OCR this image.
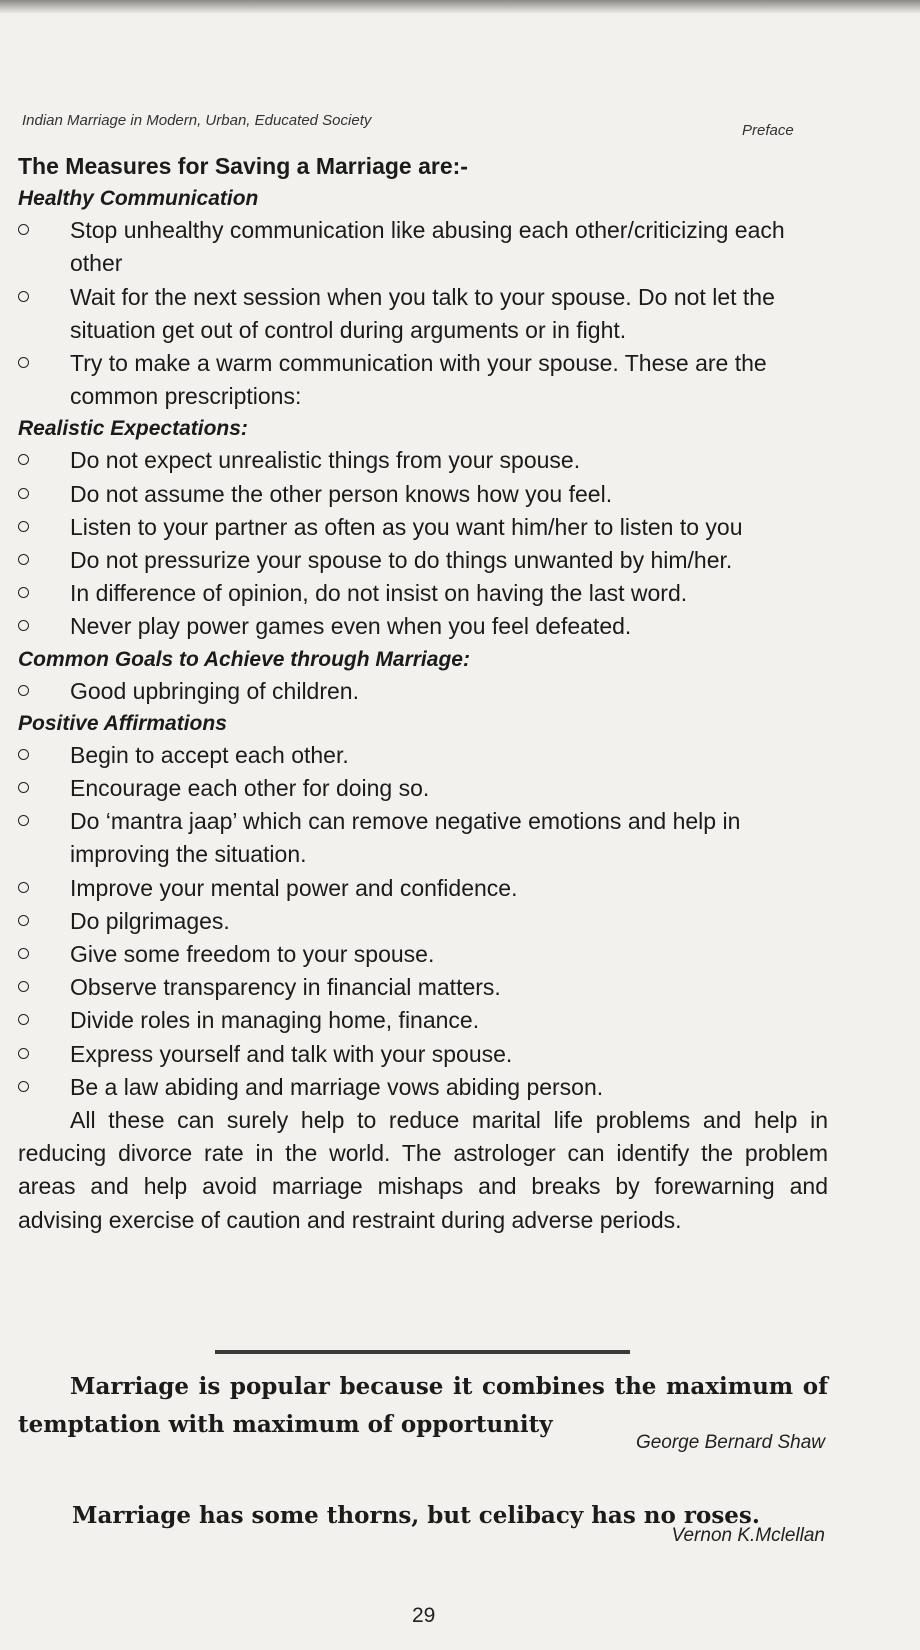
Indian Marriage in Modern, Urban, Educated Society
Preface

The Measures for Saving a Marriage are:-

Healthy Communication

Stop unhealthy communication like abusing each other/criticizing each other
Wait for the next session when you talk to your spouse. Do not let the situation get out of control during arguments or in fight.
Try to make a warm communication with your spouse. These are the common prescriptions:

Realistic Expectations:

Do not expect unrealistic things from your spouse.
Do not assume the other person knows how you feel.
Listen to your partner as often as you want him/her to listen to you
Do not pressurize your spouse to do things unwanted by him/her.
In difference of opinion, do not insist on having the last word.
Never play power games even when you feel defeated.

Common Goals to Achieve through Marriage:

Good upbringing of children.

Positive Affirmations

Begin to accept each other.
Encourage each other for doing so.
Do ‘mantra jaap’ which can remove negative emotions and help in improving the situation.
Improve your mental power and confidence.
Do pilgrimages.
Give some freedom to your spouse.
Observe transparency in financial matters.
Divide roles in managing home, finance.
Express yourself and talk with your spouse.
Be a law abiding and marriage vows abiding person.

All these can surely help to reduce marital life problems and help in reducing divorce rate in the world. The astrologer can identify the problem areas and help avoid marriage mishaps and breaks by forewarning and advising exercise of caution and restraint during adverse periods.

Marriage is popular because it combines the maximum of temptation with maximum of opportunity

George Bernard Shaw

Marriage has some thorns, but celibacy has no roses.

Vernon K.Mclellan
29
